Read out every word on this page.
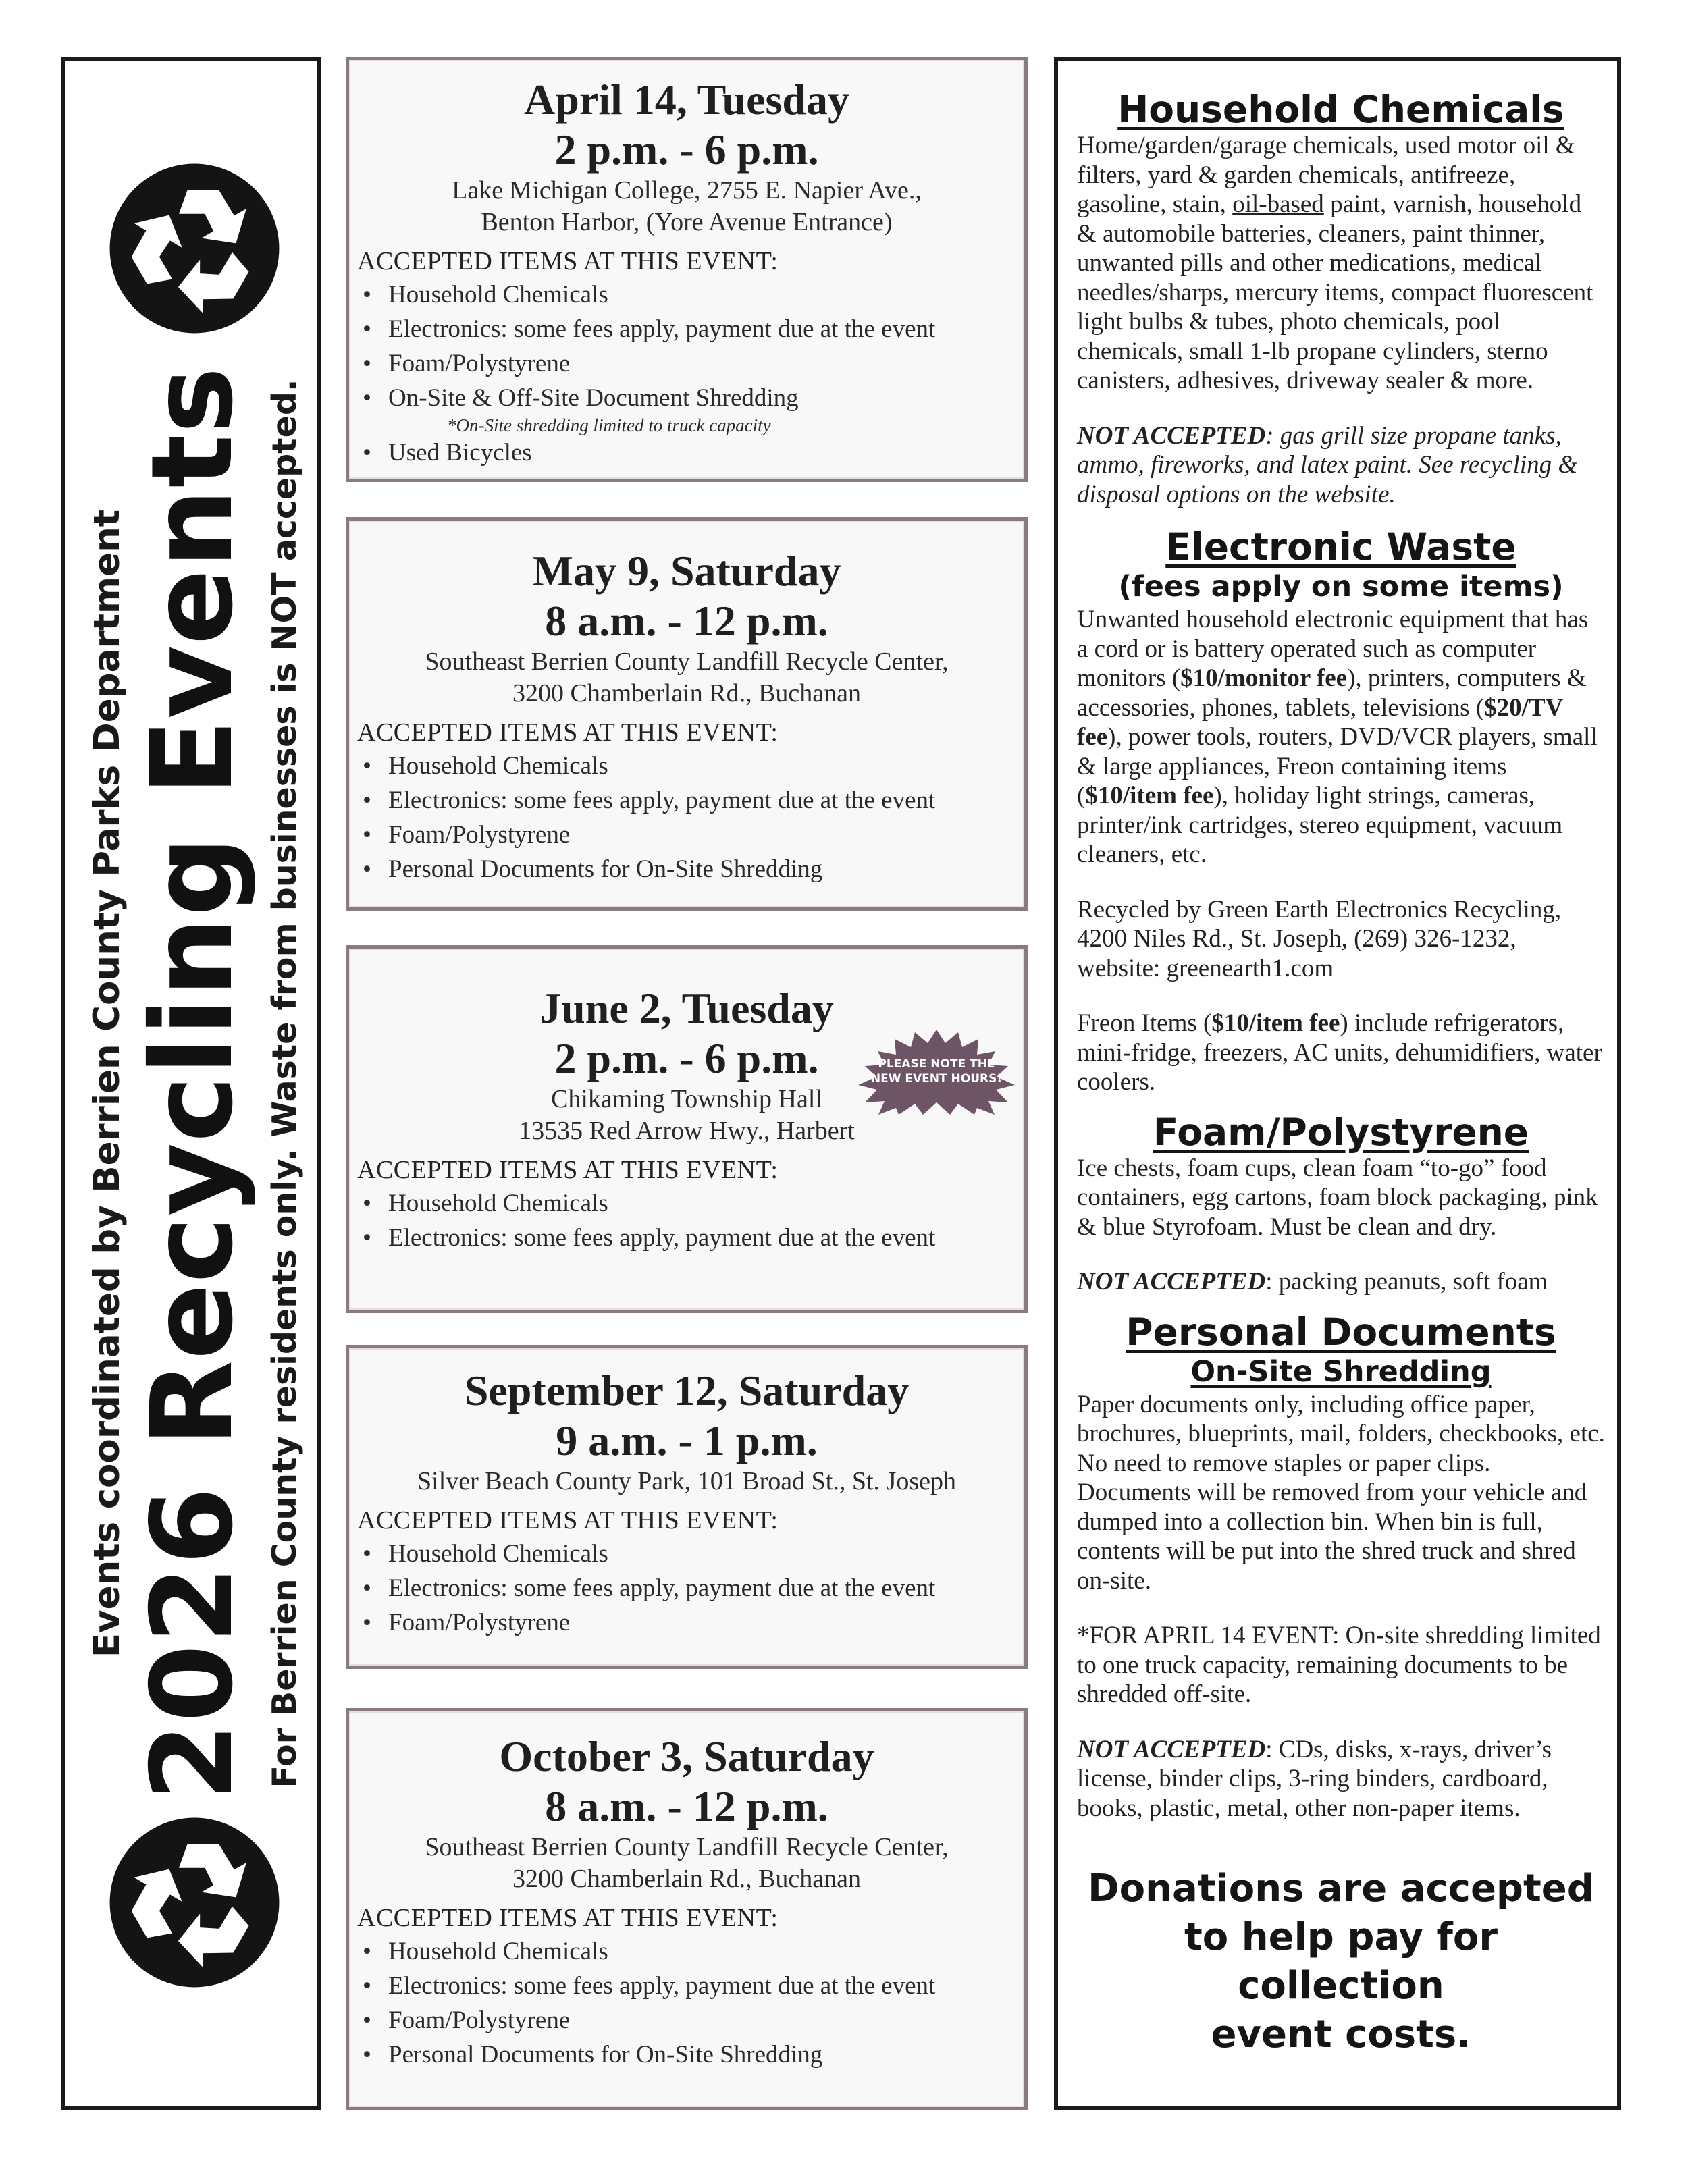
Events coordinated by Berrien County Parks Department 2026 Recycling Events For Berrien County residents only. Waste from businesses is NOT accepted.
April 14, Tuesday
2 p.m. - 6 p.m.
Lake Michigan College, 2755 E. Napier Ave.,
Benton Harbor, (Yore Avenue Entrance)
ACCEPTED ITEMS AT THIS EVENT:
• Household Chemicals
• Electronics: some fees apply, payment due at the event
• Foam/Polystyrene
• On-Site & Off-Site Document Shredding
*On-Site shredding limited to truck capacity
• Used Bicycles
May 9, Saturday
8 a.m. - 12 p.m.
Southeast Berrien County Landfill Recycle Center,
3200 Chamberlain Rd., Buchanan
ACCEPTED ITEMS AT THIS EVENT:
• Household Chemicals
• Electronics: some fees apply, payment due at the event
• Foam/Polystyrene
• Personal Documents for On-Site Shredding
June 2, Tuesday
2 p.m. - 6 p.m.	PLEASE NOTE THE
NEW EVENT HOURS!
Chikaming Township Hall
13535 Red Arrow Hwy., Harbert
ACCEPTED ITEMS AT THIS EVENT:
• Household Chemicals
• Electronics: some fees apply, payment due at the event
September 12, Saturday
9 a.m. - 1 p.m.
Silver Beach County Park, 101 Broad St., St. Joseph
ACCEPTED ITEMS AT THIS EVENT:
• Household Chemicals
• Electronics: some fees apply, payment due at the event
• Foam/Polystyrene
October 3, Saturday
8 a.m. - 12 p.m.
Southeast Berrien County Landfill Recycle Center,
3200 Chamberlain Rd., Buchanan
ACCEPTED ITEMS AT THIS EVENT:
• Household Chemicals
• Electronics: some fees apply, payment due at the event
• Foam/Polystyrene
• Personal Documents for On-Site Shredding
Household Chemicals

Home/garden/garage chemicals, used motor oil & filters, yard & garden chemicals, antifreeze, gasoline, stain, oil-based paint, varnish, household & automobile batteries, cleaners, paint thinner, unwanted pills and other medications, medical needles/sharps, mercury items, compact fluorescent light bulbs & tubes, photo chemicals, pool chemicals, small 1-lb propane cylinders, sterno canisters, adhesives, driveway sealer & more.

NOT ACCEPTED: gas grill size propane tanks, ammo, fireworks, and latex paint. See recycling & disposal options on the website.

Electronic Waste
(fees apply on some items)

Unwanted household electronic equipment that has a cord or is battery operated such as computer monitors ($10/monitor fee), printers, computers & accessories, phones, tablets, televisions ($20/TV fee), power tools, routers, DVD/VCR players, small & large appliances, Freon containing items ($10/item fee), holiday light strings, cameras, printer/ink cartridges, stereo equipment, vacuum cleaners, etc.

Recycled by Green Earth Electronics Recycling, 4200 Niles Rd., St. Joseph, (269) 326-1232, website: greenearth1.com

Freon Items ($10/item fee) include refrigerators, mini-fridge, freezers, AC units, dehumidifiers, water coolers.

Foam/Polystyrene

Ice chests, foam cups, clean foam “to-go” food containers, egg cartons, foam block packaging, pink & blue Styrofoam. Must be clean and dry.

NOT ACCEPTED: packing peanuts, soft foam

Personal Documents
On-Site Shredding

Paper documents only, including office paper, brochures, blueprints, mail, folders, checkbooks, etc. No need to remove staples or paper clips. Documents will be removed from your vehicle and dumped into a collection bin. When bin is full, contents will be put into the shred truck and shred on-site.

*FOR APRIL 14 EVENT: On-site shredding limited to one truck capacity, remaining documents to be shredded off-site.

NOT ACCEPTED: CDs, disks, x-rays, driver’s license, binder clips, 3-ring binders, cardboard, books, plastic, metal, other non-paper items.

Donations are accepted
to help pay for collection
event costs.
